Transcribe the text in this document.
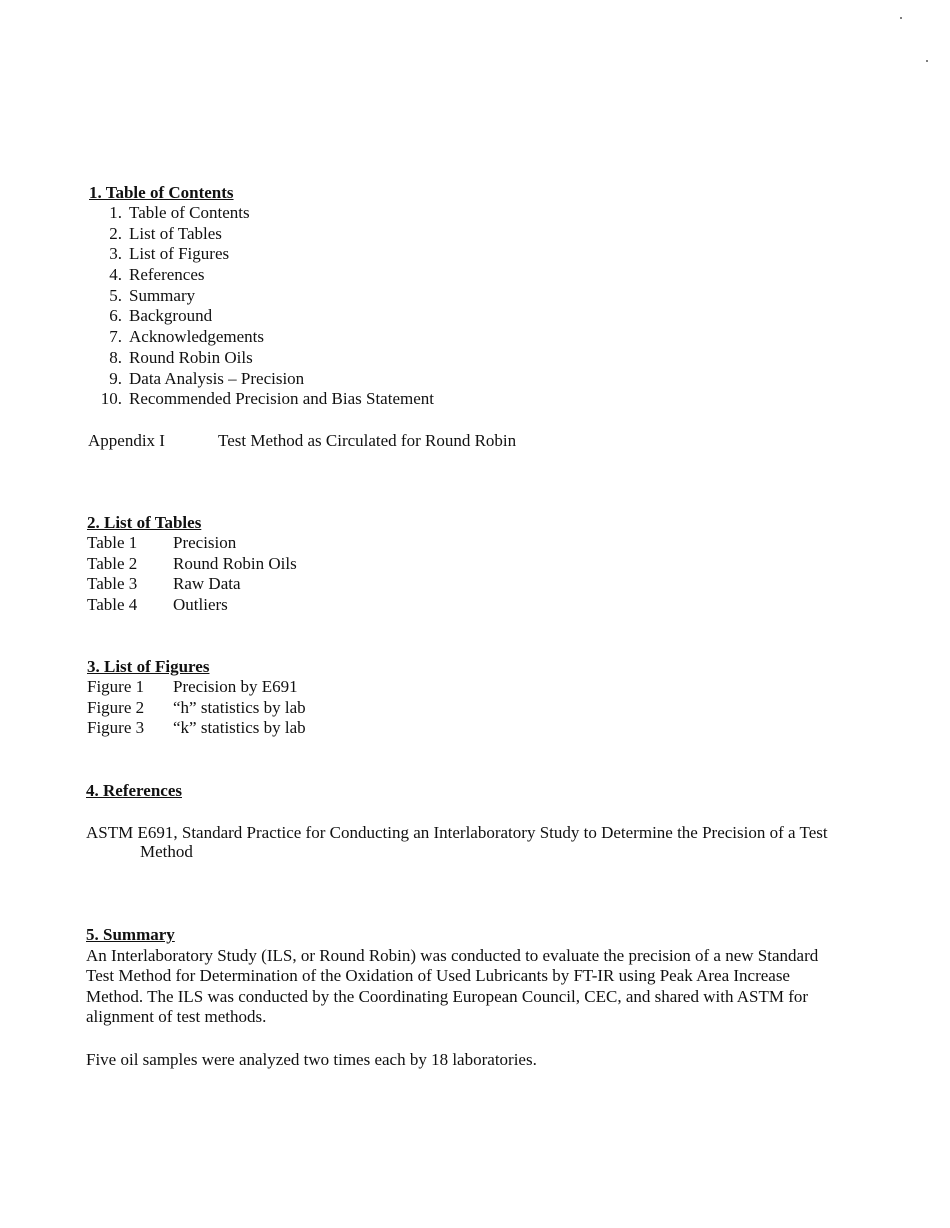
1. Table of Contents
1. Table of Contents
2. List of Tables
3. List of Figures
4. References
5. Summary
6. Background
7. Acknowledgements
8. Round Robin Oils
9. Data Analysis – Precision
10. Recommended Precision and Bias Statement
Appendix I	Test Method as Circulated for Round Robin
2. List of Tables
Table 1 Precision
Table 2 Round Robin Oils
Table 3 Raw Data
Table 4 Outliers
3. List of Figures
Figure 1 Precision by E691
Figure 2 “h” statistics by lab
Figure 3 “k” statistics by lab
4. References

ASTM E691, Standard Practice for Conducting an Interlaboratory Study to Determine the Precision of a Test Method

5. Summary

An Interlaboratory Study (ILS, or Round Robin) was conducted to evaluate the precision of a new Standard Test Method for Determination of the Oxidation of Used Lubricants by FT-IR using Peak Area Increase Method. The ILS was conducted by the Coordinating European Council, CEC, and shared with ASTM for alignment of test methods.

Five oil samples were analyzed two times each by 18 laboratories.
